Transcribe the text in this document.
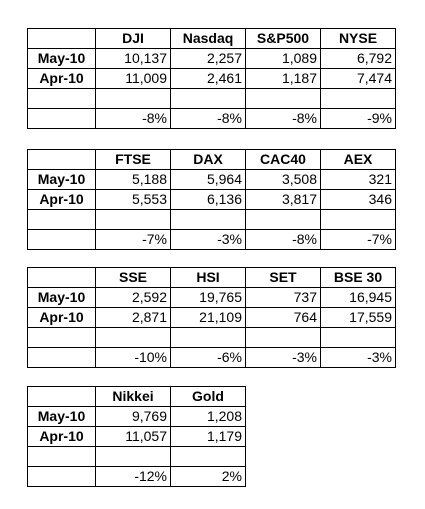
	DJI	Nasdaq	S&P500	NYSE
May-10	10,137	2,257	1,089	6,792
Apr-10	11,009	2,461	1,187	7,474

	-8%	-8%	-8%	-9%
	FTSE	DAX	CAC40	AEX
May-10	5,188	5,964	3,508	321
Apr-10	5,553	6,136	3,817	346

	-7%	-3%	-8%	-7%
	SSE	HSI	SET	BSE 30
May-10	2,592	19,765	737	16,945
Apr-10	2,871	21,109	764	17,559

	-10%	-6%	-3%	-3%
	Nikkei	Gold
May-10	9,769	1,208
Apr-10	11,057	1,179

	-12%	2%
